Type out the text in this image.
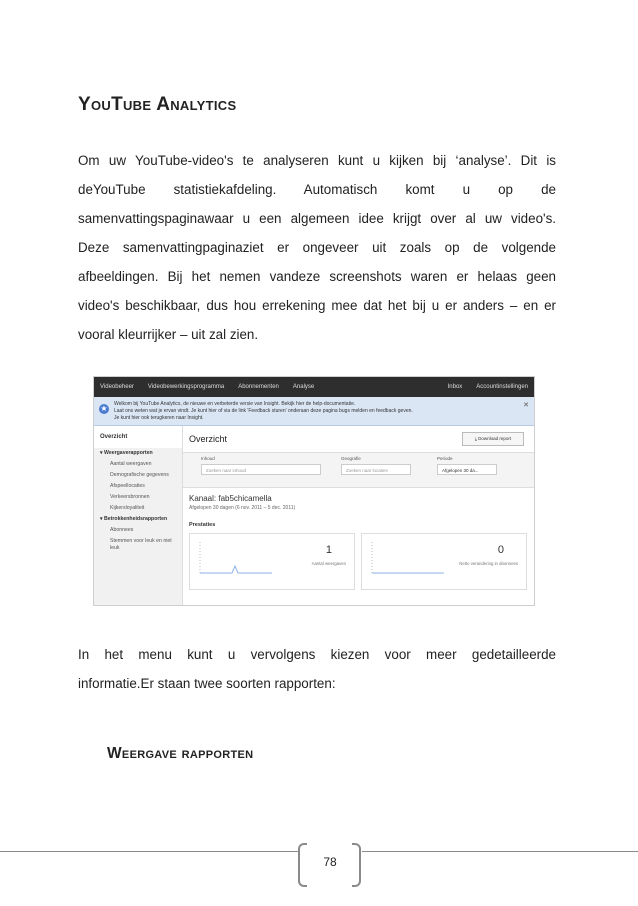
YouTube Analytics
Om uw YouTube-video's te analyseren kunt u kijken bij ‘analyse’. Dit is
deYouTube statistiekafdeling. Automatisch komt u op de
samenvattingspaginawaar u een algemeen idee krijgt over al uw video's.
Deze samenvattingpaginaziet er ongeveer uit zoals op de volgende
afbeeldingen. Bij het nemen vandeze screenshots waren er helaas geen
video's beschikbaar, dus hou errekening mee dat het bij u er anders – en er
vooral kleurrijker – uit zal zien.
Videobeheer Videobewerkingsprogramma Abonnementen Analyse	Inbox Accountinstellingen
★ Welkom bij YouTube Analytics, de nieuwe en verbeterde versie van Insight. Bekijk hier de help-documentatie.
Laat ons weten wat je ervan vindt. Je kunt hier of via de link 'Feedback sturen' onderaan deze pagina bugs melden en feedback geven.
Je kunt hier ook terugkeren naar Insight.
✕
Overzicht
▾ Weergaverapporten
Aantal weergaven
Demografische gegevens
Afspeellocaties
Verkeersbronnen
Kijkersloyaliteit
▾ Betrokkenheidsrapporten
Abonnees
Stemmen voor leuk en niet leuk
Overzicht	⤓ Download report
Inhoud
Zoeken naar inhoud
Geografie
Zoeken naar locaties
Periode
Afgelopen 30 da...
Kanaal: fab5chicamella
Afgelopen 30 dagen (6 nov. 2011 – 5 dec. 2011)
Prestaties
1
Aantal weergaven
0
Netto verandering in abonnees
In het menu kunt u vervolgens kiezen voor meer gedetailleerde
informatie.Er staan twee soorten rapporten:
Weergave rapporten
78
